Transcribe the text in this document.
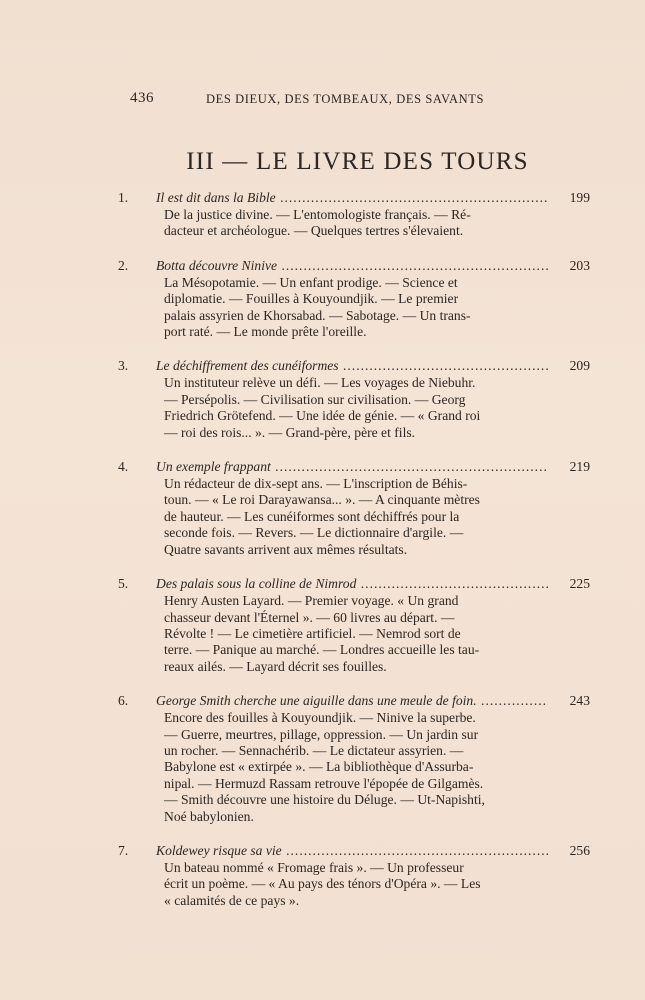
436	DES DIEUX, DES TOMBEAUX, DES SAVANTS
III — LE LIVRE DES TOURS
1.	Il est dit dans la Bible .....	199

De la justice divine. — L'entomologiste français. — Ré-

dacteur et archéologue. — Quelques tertres s'élevaient.

2.	Botta découvre Ninive .....	203

La Mésopotamie. — Un enfant prodige. — Science et

diplomatie. — Fouilles à Kouyoundjik. — Le premier

palais assyrien de Khorsabad. — Sabotage. — Un trans-

port raté. — Le monde prête l'oreille.

3.	Le déchiffrement des cunéiformes .....	209

Un instituteur relève un défi. — Les voyages de Niebuhr.

— Persépolis. — Civilisation sur civilisation. — Georg

Friedrich Grötefend. — Une idée de génie. — « Grand roi

— roi des rois... ». — Grand-père, père et fils.

4.	Un exemple frappant .....	219

Un rédacteur de dix-sept ans. — L'inscription de Béhis-

toun. — « Le roi Darayawansa... ». — A cinquante mètres

de hauteur. — Les cunéiformes sont déchiffrés pour la

seconde fois. — Revers. — Le dictionnaire d'argile. —

Quatre savants arrivent aux mêmes résultats.

5.	Des palais sous la colline de Nimrod .....	225

Henry Austen Layard. — Premier voyage. « Un grand

chasseur devant l'Éternel ». — 60 livres au départ. —

Révolte ! — Le cimetière artificiel. — Nemrod sort de

terre. — Panique au marché. — Londres accueille les tau-

reaux ailés. — Layard décrit ses fouilles.

6.	George Smith cherche une aiguille dans une meule de foin. .....	243

Encore des fouilles à Kouyoundjik. — Ninive la superbe.

— Guerre, meurtres, pillage, oppression. — Un jardin sur

un rocher. — Sennachérib. — Le dictateur assyrien. —

Babylone est « extirpée ». — La bibliothèque d'Assurba-

nipal. — Hermuzd Rassam retrouve l'épopée de Gilgamès.

— Smith découvre une histoire du Déluge. — Ut-Napishti,

Noé babylonien.

7.	Koldewey risque sa vie .....	256

Un bateau nommé « Fromage frais ». — Un professeur

écrit un poème. — « Au pays des ténors d'Opéra ». — Les

« calamités de ce pays ».
